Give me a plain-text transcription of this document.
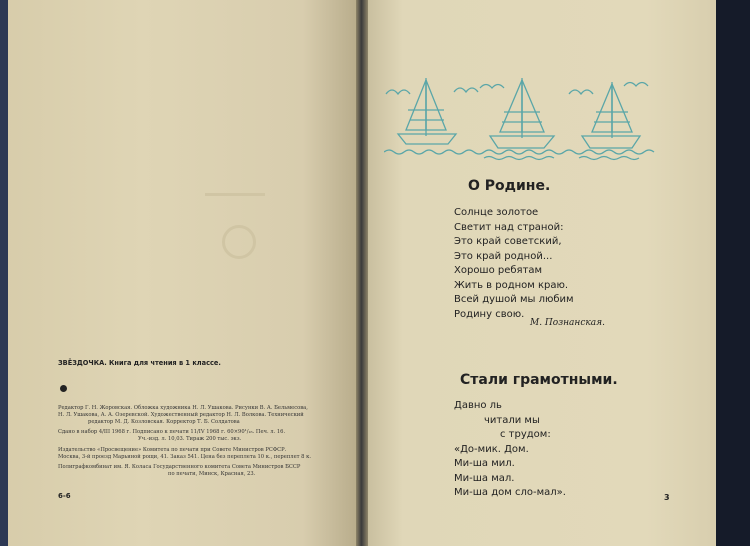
ЗВЁЗДОЧКА. Книга для чтения в 1 классе.
Редактор Г. Н. Жоровская. Обложка художника Н. Л. Ушакова. Рисунки В. А. Бельмесова,
Н. Л. Ушакова, А. А. Озеревской. Художественный редактор Н. Л. Волкова. Технический
редактор М. Д. Козловская. Корректор Т. Б. Солдатова
Сдано в набор 4/III 1968 г. Подписано к печати 11/IV 1968 г. 60×90¹/₁₆. Печ. л. 16.
Уч.-изд. л. 10,03. Тираж 200 тыс. экз.
Издательство «Просвещение» Комитета по печати при Совете Министров РСФСР.
Москва, 3-й проезд Марьиной рощи, 41. Заказ 541. Цена без переплета 10 к., переплет 8 к.
Полиграфкомбинат им. Я. Коласа Государственного комитета Совета Министров БССР
по печати, Минск, Красная, 23.
6-6
О Родине.
Солнце золотое
Светит над страной:
Это край советский,
Это край родной...
Хорошо ребятам
Жить в родном краю.
Всей душой мы любим
Родину свою.
М. Познанская.
Стали грамотными.
Давно ль
читали мы
с трудом:
«До-мик. Дом.
Ми-ша мил.
Ми-ша мал.
Ми-ша дом сло-мал».	3
